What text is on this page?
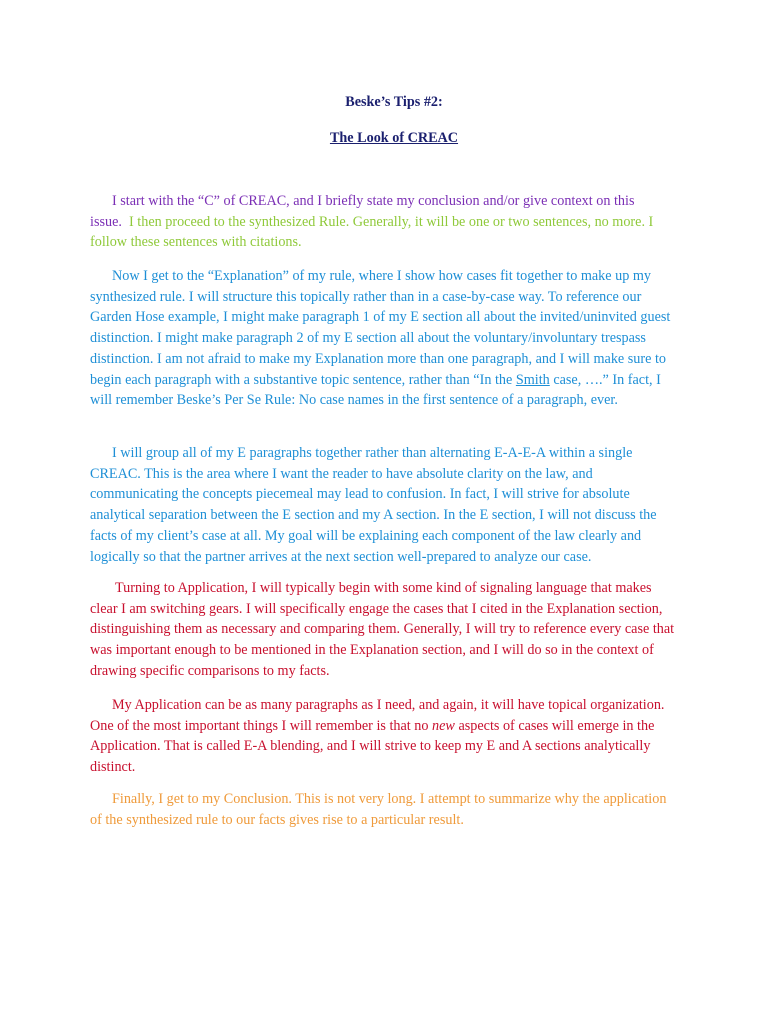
Beske’s Tips #2:
The Look of CREAC

I start with the “C” of CREAC, and I briefly state my conclusion and/or give context on this issue. I then proceed to the synthesized Rule. Generally, it will be one or two sentences, no more. I follow these sentences with citations.

Now I get to the “Explanation” of my rule, where I show how cases fit together to make up my synthesized rule. I will structure this topically rather than in a case-by-case way. To reference our Garden Hose example, I might make paragraph 1 of my E section all about the invited/uninvited guest distinction. I might make paragraph 2 of my E section all about the voluntary/involuntary trespass distinction. I am not afraid to make my Explanation more than one paragraph, and I will make sure to begin each paragraph with a substantive topic sentence, rather than “In the Smith case, ….” In fact, I will remember Beske’s Per Se Rule: No case names in the first sentence of a paragraph, ever.

I will group all of my E paragraphs together rather than alternating E-A-E-A within a single CREAC. This is the area where I want the reader to have absolute clarity on the law, and communicating the concepts piecemeal may lead to confusion. In fact, I will strive for absolute analytical separation between the E section and my A section. In the E section, I will not discuss the facts of my client’s case at all. My goal will be explaining each component of the law clearly and logically so that the partner arrives at the next section well-prepared to analyze our case.

Turning to Application, I will typically begin with some kind of signaling language that makes clear I am switching gears. I will specifically engage the cases that I cited in the Explanation section, distinguishing them as necessary and comparing them. Generally, I will try to reference every case that was important enough to be mentioned in the Explanation section, and I will do so in the context of drawing specific comparisons to my facts.

My Application can be as many paragraphs as I need, and again, it will have topical organization. One of the most important things I will remember is that no new aspects of cases will emerge in the Application. That is called E-A blending, and I will strive to keep my E and A sections analytically distinct.

Finally, I get to my Conclusion. This is not very long. I attempt to summarize why the application of the synthesized rule to our facts gives rise to a particular result.
